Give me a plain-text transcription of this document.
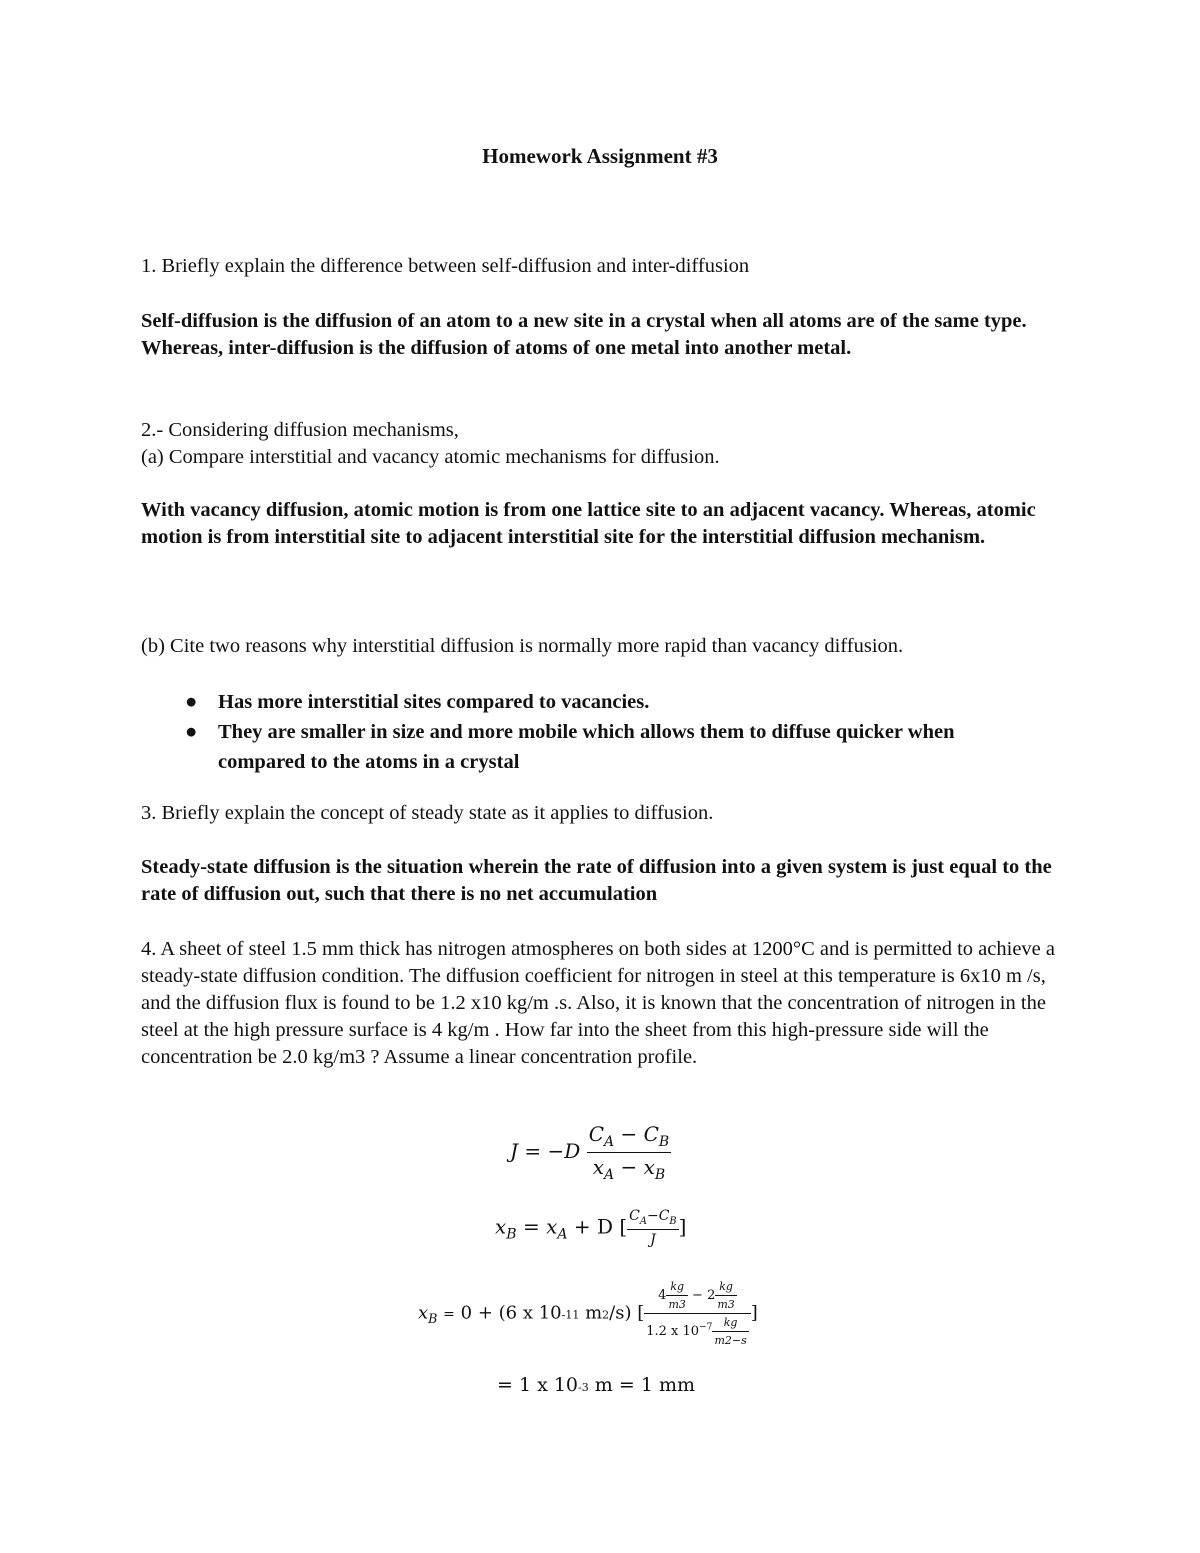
Homework Assignment #3

1. Briefly explain the difference between self-diffusion and inter-diffusion

Self-diffusion is the diffusion of an atom to a new site in a crystal when all atoms are of the same type. Whereas, inter-diffusion is the diffusion of atoms of one metal into another metal.

2.- Considering diffusion mechanisms,

(a) Compare interstitial and vacancy atomic mechanisms for diffusion.

With vacancy diffusion, atomic motion is from one lattice site to an adjacent vacancy. Whereas, atomic motion is from interstitial site to adjacent interstitial site for the interstitial diffusion mechanism.

(b) Cite two reasons why interstitial diffusion is normally more rapid than vacancy diffusion.

● Has more interstitial sites compared to vacancies.
● They are smaller in size and more mobile which allows them to diffuse quicker when compared to the atoms in a crystal

3. Briefly explain the concept of steady state as it applies to diffusion.

Steady-state diffusion is the situation wherein the rate of diffusion into a given system is just equal to the rate of diffusion out, such that there is no net accumulation

4. A sheet of steel 1.5 mm thick has nitrogen atmospheres on both sides at 1200°C and is permitted to achieve a steady-state diffusion condition. The diffusion coefficient for nitrogen in steel at this temperature is 6x10 m /s, and the diffusion flux is found to be 1.2 x10 kg/m .s. Also, it is known that the concentration of nitrogen in the steel at the high pressure surface is 4 kg/m . How far into the sheet from this high-pressure side will the concentration be 2.0 kg/m3 ? Assume a linear concentration profile.

$J = -D \frac{C_A - C_B}{x_A - x_B}$
$x_B = x_A + D$ [ $\frac{C_A-C_B}{J}$ ]
$x_B = 0 + (6$ x 10-11 m2/s) [ $\frac{4 \frac{kg}{m3} - 2 \frac{kg}{m3}}{1.2 x 10^{-7} \frac{kg}{m2-s}}$ ]
= 1 x 10-3 m = 1 mm
